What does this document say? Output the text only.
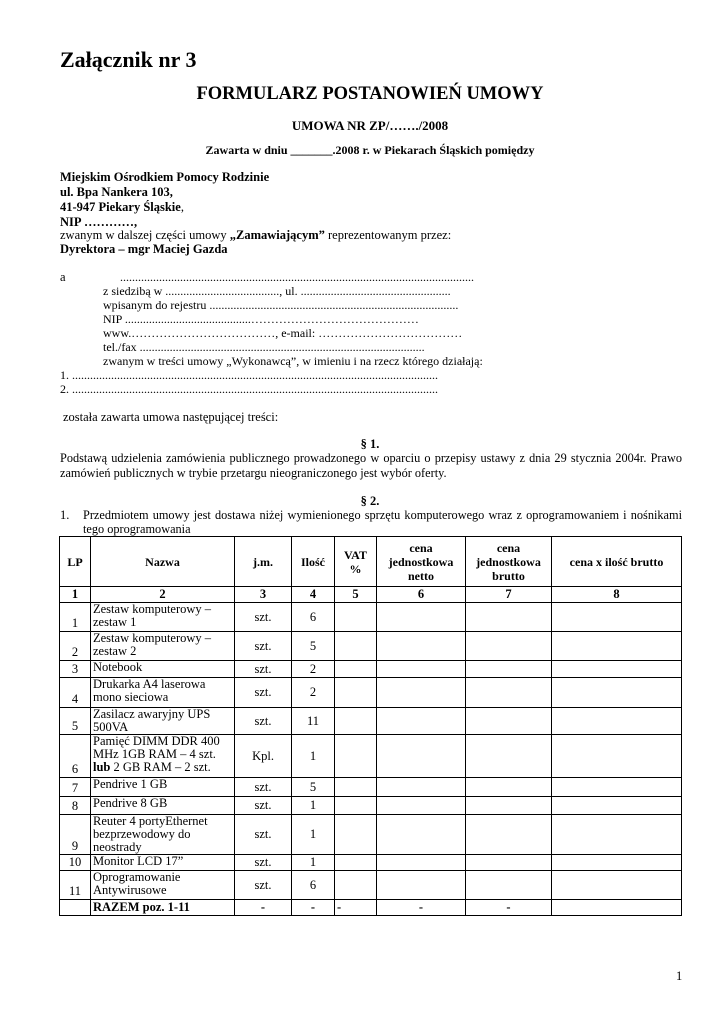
Załącznik nr 3
FORMULARZ POSTANOWIEŃ UMOWY
UMOWA NR ZP/……./2008
Zawarta w dniu _______.2008 r. w Piekarach Śląskich pomiędzy
Miejskim Ośrodkiem Pomocy Rodzinie
ul. Bpa Nankera 103,
41-947 Piekary Śląskie,
NIP …………,
zwanym w dalszej części umowy „Zamawiającym” reprezentowanym przez:
Dyrektora – mgr Maciej Gazda
a	......................................................................................................................
z siedzibą w ......................................, ul. ..................................................
wpisanym do rejestru ...................................................................................
NIP ..........................................……………………………………
www.………………………………, e-mail: ………………………………
tel./fax ...............................................................................................
zwanym w treści umowy „Wykonawcą”, w imieniu i na rzecz którego działają:
1. ..........................................................................................................................
2. ..........................................................................................................................
została zawarta umowa następującej treści:
§ 1.
Podstawą udzielenia zamówienia publicznego prowadzonego w oparciu o przepisy ustawy z dnia 29 stycznia 2004r. Prawo zamówień publicznych w trybie przetargu nieograniczonego jest wybór oferty.
§ 2.
1. Przedmiotem umowy jest dostawa niżej wymienionego sprzętu komputerowego wraz z oprogramowaniem i nośnikami
tego oprogramowania
LP	Nazwa	j.m.	Ilość	VAT %	cena jednostkowa netto	cena jednostkowa brutto	cena x ilość brutto
1	2	3	4	5	6	7	8
1	Zestaw komputerowy – zestaw 1	szt.	6				
2	Zestaw komputerowy – zestaw 2	szt.	5				
3	Notebook	szt.	2				
4	Drukarka A4 laserowa mono sieciowa	szt.	2				
5	Zasilacz awaryjny UPS 500VA	szt.	11				
6	Pamięć DIMM DDR 400 MHz 1GB RAM – 4 szt. lub 2 GB RAM – 2 szt.	Kpl.	1				
7	Pendrive 1 GB	szt.	5				
8	Pendrive 8 GB	szt.	1				
9	Reuter 4 portyEthernet bezprzewodowy do neostrady	szt.	1				
10	Monitor LCD 17”	szt.	1				
11	Oprogramowanie Antywirusowe	szt.	6				
	RAZEM poz. 1-11	-	-	-	-	-	
1
